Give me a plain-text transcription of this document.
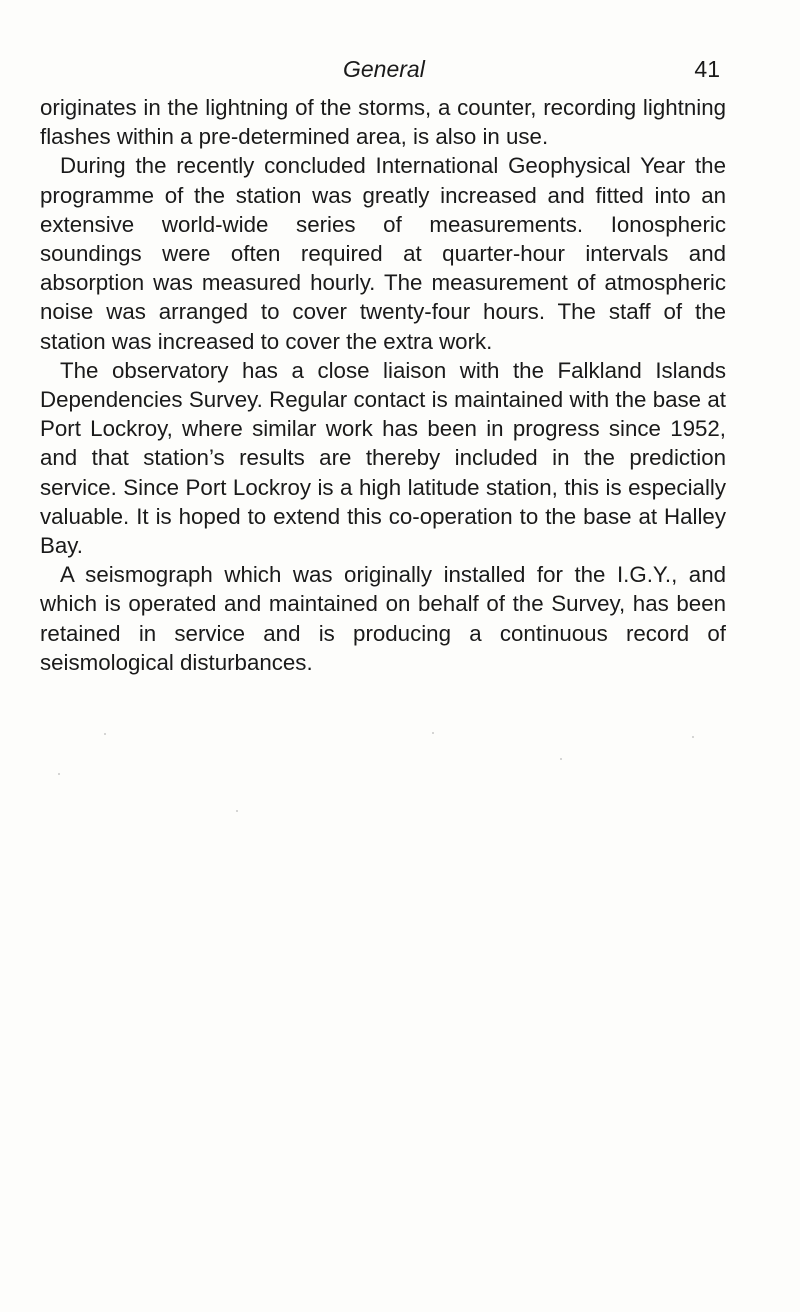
General	41

originates in the lightning of the storms, a counter, recording lightning flashes within a pre-determined area, is also in use.

During the recently concluded International Geophysical Year the programme of the station was greatly increased and fitted into an extensive world-wide series of measurements. Ionospheric soundings were often required at quarter-hour intervals and absorption was measured hourly. The measurement of atmospheric noise was arranged to cover twenty-four hours. The staff of the station was increased to cover the extra work.

The observatory has a close liaison with the Falkland Islands Dependencies Survey. Regular contact is maintained with the base at Port Lockroy, where similar work has been in progress since 1952, and that station’s results are thereby included in the prediction service. Since Port Lockroy is a high latitude station, this is especially valuable. It is hoped to extend this co-operation to the base at Halley Bay.

A seismograph which was originally installed for the I.G.Y., and which is operated and maintained on behalf of the Survey, has been retained in service and is producing a continuous record of seismological disturbances.
